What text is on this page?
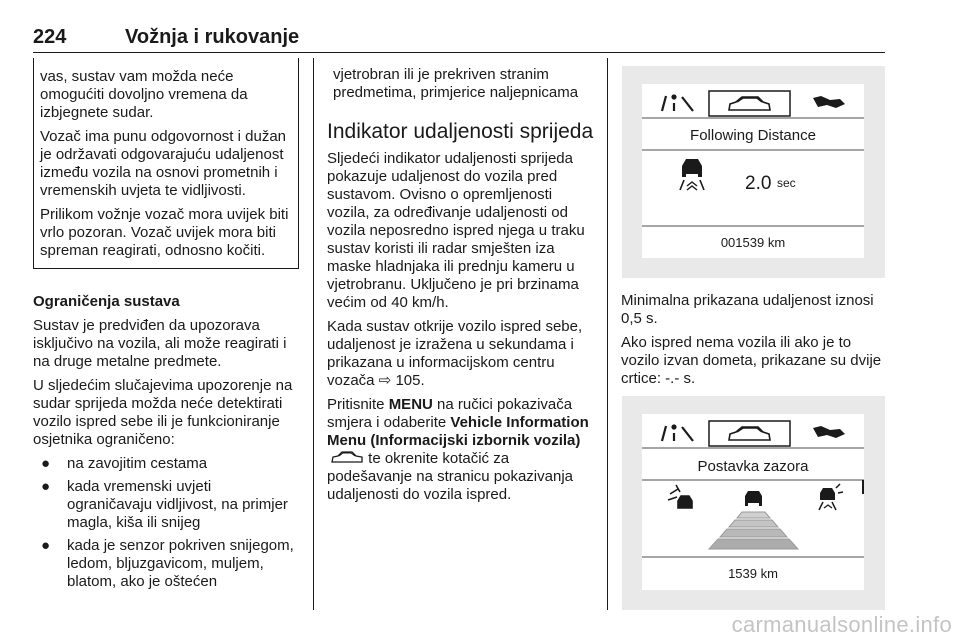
224	Vožnja i rukovanje

vas, sustav vam možda neće omogućiti dovoljno vremena da izbjegnete sudar.

Vozač ima punu odgovornost i dužan je održavati odgovarajuću udaljenost između vozila na osnovi prometnih i vremenskih uvjeta te vidljivosti.

Prilikom vožnje vozač mora uvijek biti vrlo pozoran. Vozač uvijek mora biti spreman reagirati, odnosno kočiti.

Ograničenja sustava

Sustav je predviđen da upozorava isključivo na vozila, ali može reagirati i na druge metalne predmete.

U sljedećim slučajevima upozorenje na sudar sprijeda možda neće detektirati vozilo ispred sebe ili je funkcioniranje osjetnika ograničeno:

● na zavojitim cestama
● kada vremenski uvjeti ograničavaju vidljivost, na primjer magla, kiša ili snijeg
● kada je senzor pokriven snijegom, ledom, bljuzgavicom, muljem, blatom, ako je oštećen

vjetrobran ili je prekriven stranim predmetima, primjerice naljepnicama

Indikator udaljenosti sprijeda

Sljedeći indikator udaljenosti sprijeda pokazuje udaljenost do vozila pred sustavom. Ovisno o opremljenosti vozila, za određivanje udaljenosti od vozila neposredno ispred njega u traku sustav koristi ili radar smješten iza maske hladnjaka ili prednju kameru u vjetrobranu. Uključeno je pri brzinama većim od 40 km/h.

Kada sustav otkrije vozilo ispred sebe, udaljenost je izražena u sekundama i prikazana u informacijskom centru vozača ⇨ 105.

Pritisnite MENU na ručici pokazivača smjera i odaberite Vehicle Information Menu (Informacijski izbornik vozila)  te okrenite kotačić za podešavanje na stranicu pokazivanja udaljenosti do vozila ispred.

Following Distance
2.0 sec
001539 km

Minimalna prikazana udaljenost iznosi 0,5 s.

Ako ispred nema vozila ili ako je to vozilo izvan dometa, prikazane su dvije crtice: -.- s.

Postavka zazora
1539 km
carmanualsonline.info
